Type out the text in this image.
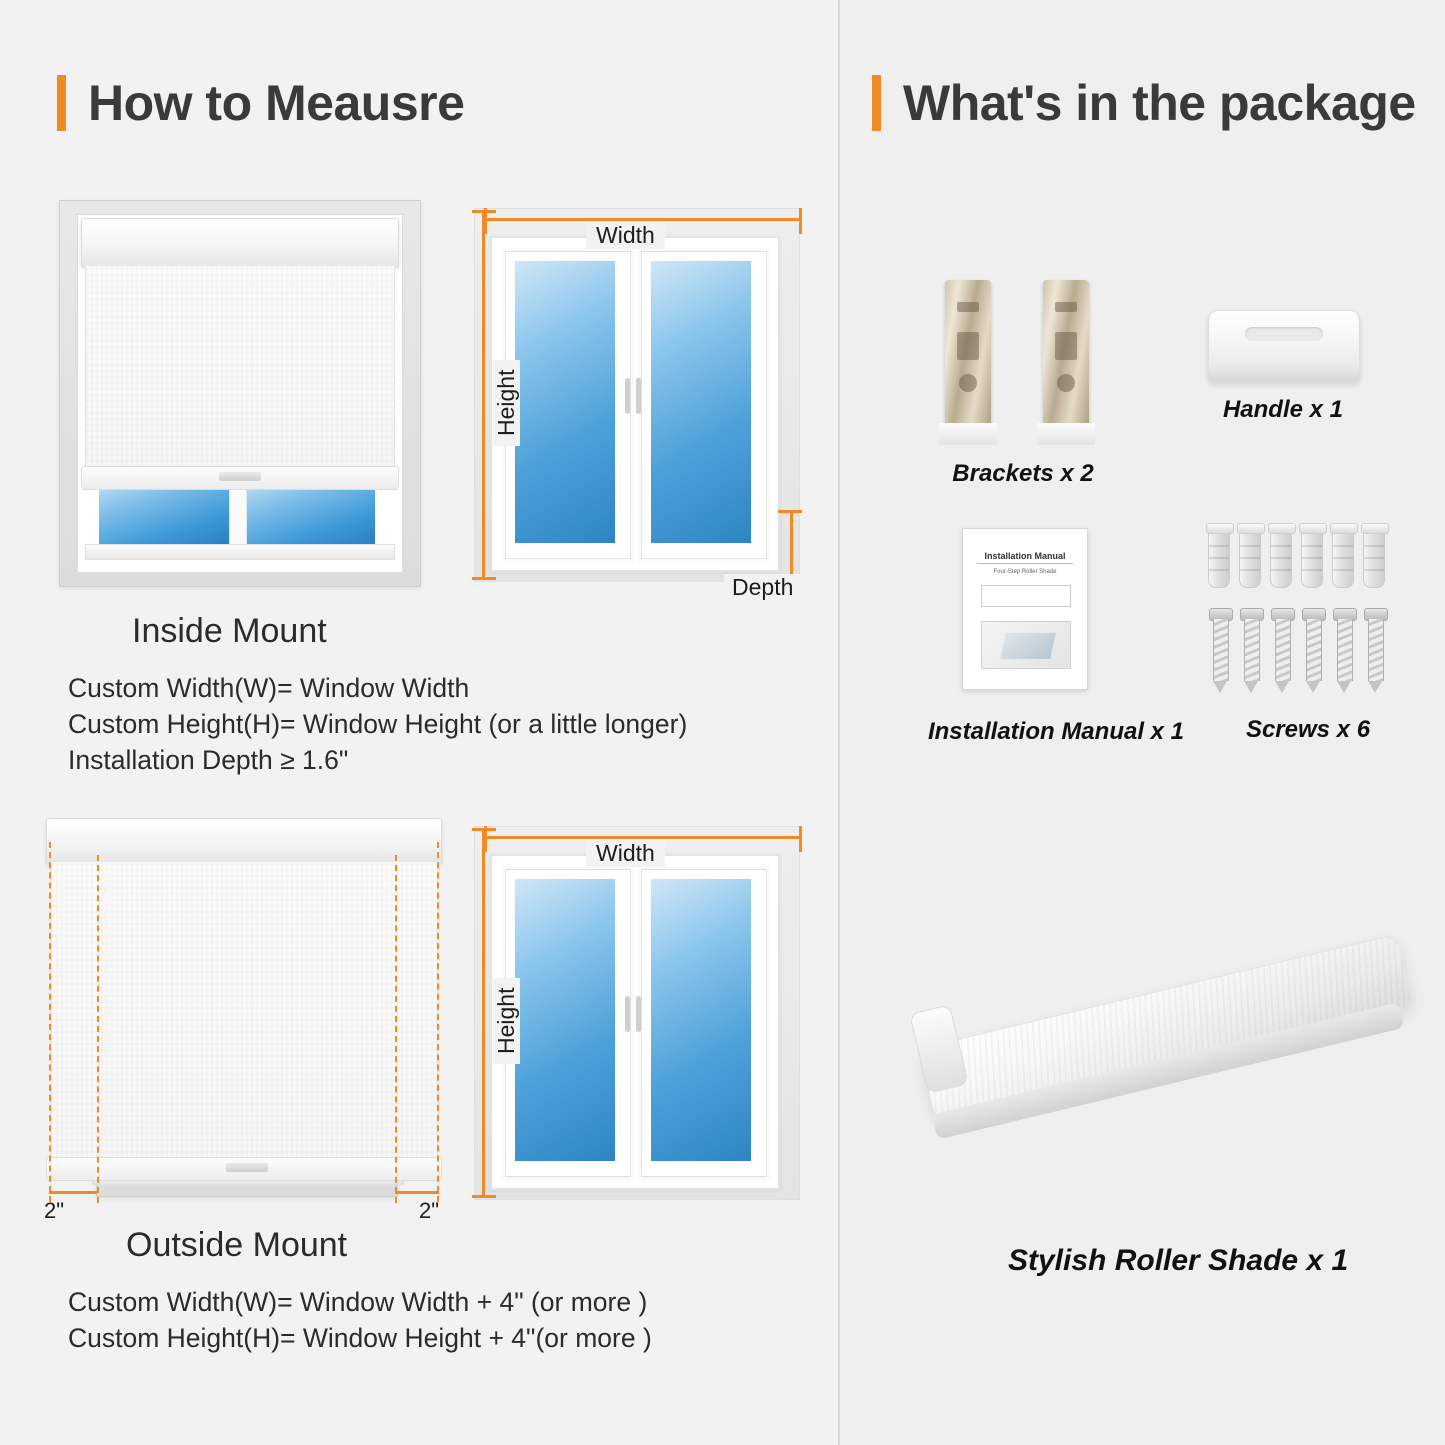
How to Meausre	What's in the package
Width
Height
Depth
Inside Mount
Custom Width(W)= Window Width
Custom Height(H)= Window Height (or a little longer)
Installation Depth ≥ 1.6"
2"	2"
Width
Height
Outside Mount
Custom Width(W)= Window Width + 4" (or more )
Custom Height(H)= Window Height + 4"(or more )
Brackets x 2
Handle x 1
Installation Manual
Four-Step Roller Shade
Installation Manual x 1	Screws x 6
Stylish Roller Shade x 1
